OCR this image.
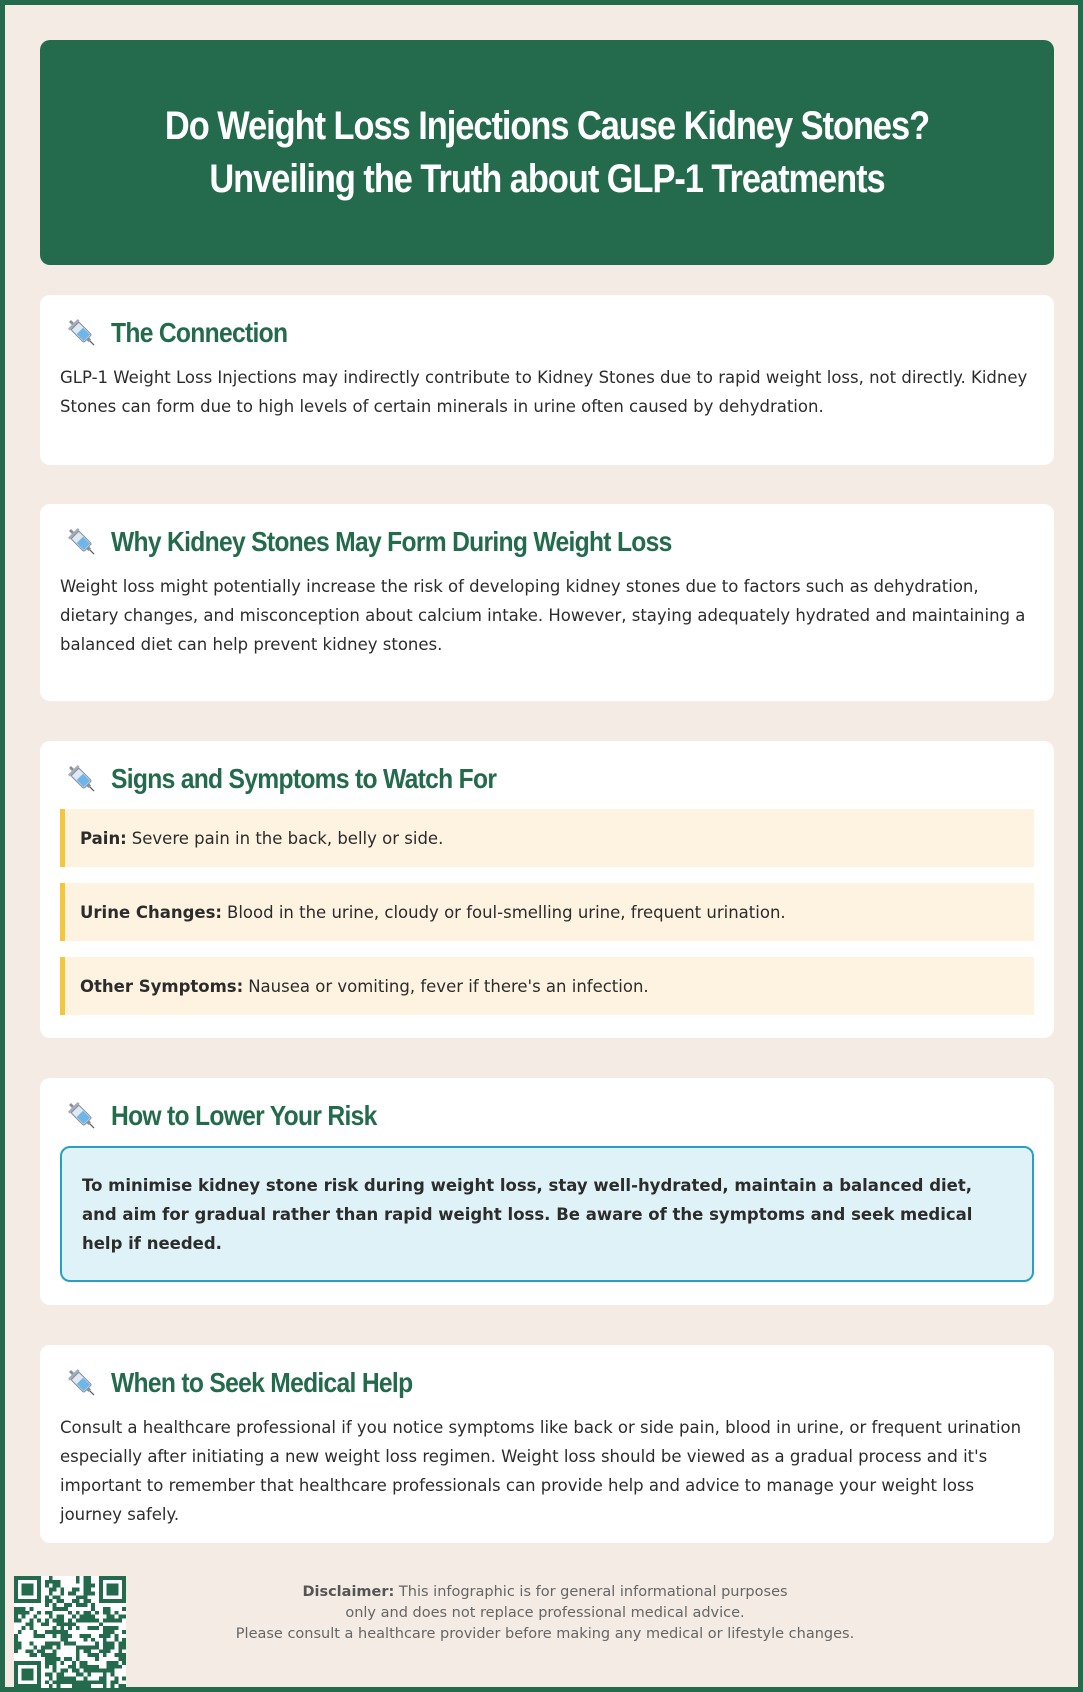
Do Weight Loss Injections Cause Kidney Stones? Unveiling the Truth about GLP-1 Treatments
The Connection

GLP-1 Weight Loss Injections may indirectly contribute to Kidney Stones due to rapid weight loss, not directly. Kidney Stones can form due to high levels of certain minerals in urine often caused by dehydration.

Why Kidney Stones May Form During Weight Loss

Weight loss might potentially increase the risk of developing kidney stones due to factors such as dehydration, dietary changes, and misconception about calcium intake. However, staying adequately hydrated and maintaining a balanced diet can help prevent kidney stones.

Signs and Symptoms to Watch For
Pain: Severe pain in the back, belly or side.
Urine Changes: Blood in the urine, cloudy or foul-smelling urine, frequent urination.
Other Symptoms: Nausea or vomiting, fever if there's an infection.
How to Lower Your Risk

To minimise kidney stone risk during weight loss, stay well-hydrated, maintain a balanced diet, and aim for gradual rather than rapid weight loss. Be aware of the symptoms and seek medical help if needed.

When to Seek Medical Help

Consult a healthcare professional if you notice symptoms like back or side pain, blood in urine, or frequent urination especially after initiating a new weight loss regimen. Weight loss should be viewed as a gradual process and it's important to remember that healthcare professionals can provide help and advice to manage your weight loss journey safely.

Disclaimer: This infographic is for general informational purposes
only and does not replace professional medical advice.
Please consult a healthcare provider before making any medical or lifestyle changes.
